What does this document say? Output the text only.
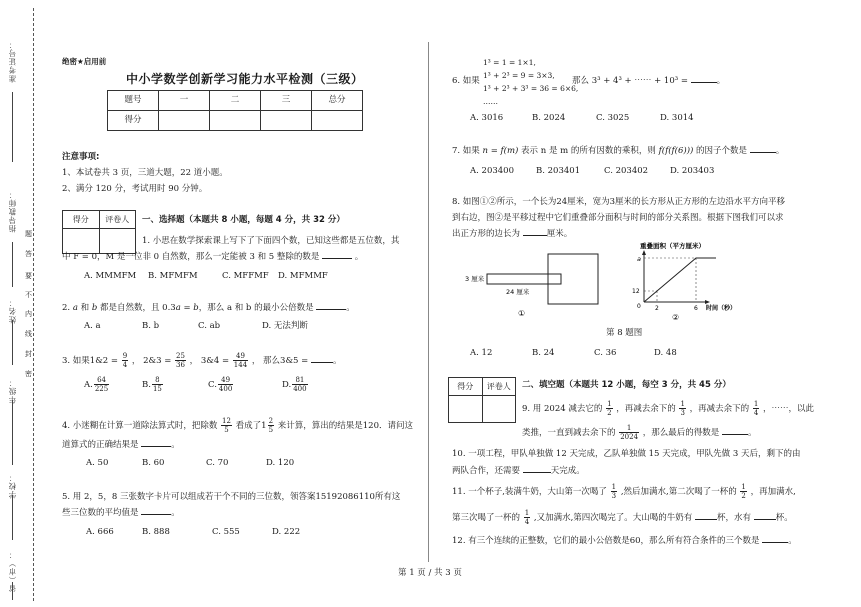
准考证号：
指导教师：
姓名：
年级：
学校：
省（市）：
题
答
要
不
内
线
封
密
绝密★启用前
中小学数学创新学习能力水平检测（三级）
题号	一	二	三	总分
得分				
注意事项:
1、本试卷共 3 页，三道大题，22 道小题。
2、满分 120 分，考试用时 90 分钟。
得分	评卷人
	一、选择题（本题共 8 小题，每题 4 分，共 32 分）
1. 小思在数学探索课上写下了下面四个数，已知这些都是五位数，其
中 F = 0，M 是一位非 0 自然数，那么一定能被 3 和 5 整除的数是	。
A. MMMFM B. MFMFM	C. MFFMF D. MFMMF
2. a 和 b 都是自然数，且 0.3a = b，那么 a 和 b 的最小公倍数是	。
A. a	B. b	C. ab	D. 无法判断
3. 如果1&2 = $\frac{9}{4}$ ， 2&3 = $\frac{25}{36}$ ， 3&4 = $\frac{49}{144}$ ， 那么3&5 =	。
A. $\frac{64}{225}$	B. $\frac{8}{15}$	C. $\frac{49}{400}$	D. $\frac{81}{400}$
4. 小迷糊在计算一道除法算式时，把除数 $\frac{12}{5}$ 看成了$1 \frac{2}{5}$ 来计算，算出的结果是120．请问这
道算式的正确结果是	。
A. 50	B. 60	C. 70	D. 120
5. 用 2，5，8 三张数字卡片可以组成若干个不同的三位数，领答案15192086110所有这
些三位数的平均值是	。
A. 666	B. 888	C. 555	D. 222
1³ = 1 = 1×1,
6. 如果
1³ + 2³ = 9 = 3×3,
1³ + 2³ + 3³ = 36 = 6×6,
……
那么 3³ + 4³ + ⋯⋯ + 10³ =	。
A. 3016	B. 2024	C. 3025	D. 3014
7. 如果 n = f(m) 表示 n 是 m 的所有因数的乘积，则 f(f(f(6))) 的因子个数是	。
A. 203400	B. 203401	C. 203402	D. 203403
8. 如图①②所示，一个长为24厘米，宽为3厘米的长方形从正方形的左边沿水平方向平移
到右边，图②是平移过程中它们重叠部分面积与时间的部分关系图。根据下图我们可以求
出正方形的边长为	厘米。
3 厘米
24 厘米
①
重叠面积（平方厘米）
a
12
0 2	6 时间（秒）
②
第 8 题图
A. 12	B. 24	C. 36	D. 48
得分	评卷人
	二、填空题（本题共 12 小题，每空 3 分，共 45 分）
9. 用 2024 减去它的 $\frac{1}{2}$ ，再减去余下的 $\frac{1}{3}$ ，再减去余下的 $\frac{1}{4}$ ，⋯⋯，以此
类推，一直到减去余下的 $\frac{1}{2024}$ ，那么最后的得数是	。
10. 一项工程，甲队单独做 12 天完成，乙队单独做 15 天完成，甲队先做 3 天后，剩下的由
两队合作，还需要	天完成。
11. 一个杯子,装满牛奶，大山第一次喝了 $\frac{1}{3}$ ,然后加满水,第二次喝了一杯的 $\frac{1}{2}$ ，再加满水,
第三次喝了一杯的 $\frac{1}{4}$ ,又加满水,第四次喝完了。大山喝的牛奶有	杯，水有	杯。
12. 有三个连续的正整数，它们的最小公倍数是60，那么所有符合条件的三个数是	。
第 1 页 / 共 3 页
